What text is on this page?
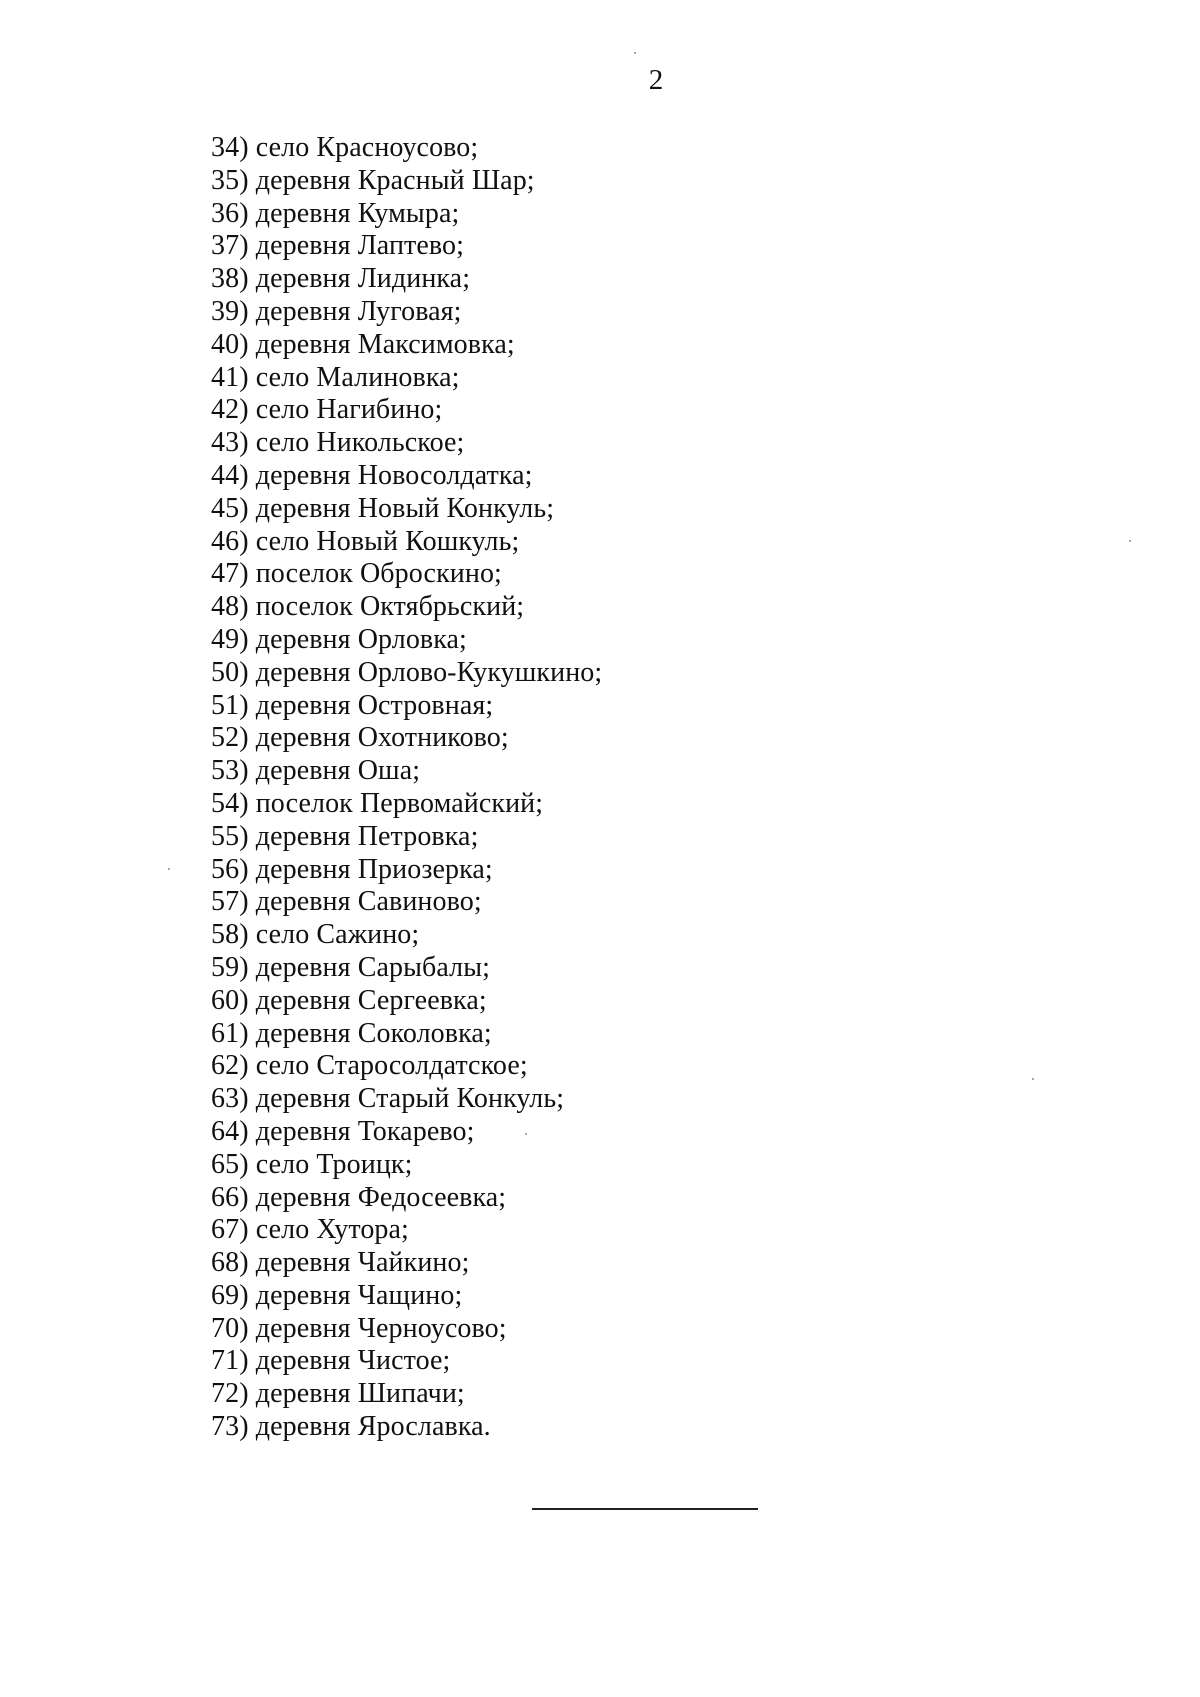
2
34) село Красноусово;
35) деревня Красный Шар;
36) деревня Кумыра;
37) деревня Лаптево;
38) деревня Лидинка;
39) деревня Луговая;
40) деревня Максимовка;
41) село Малиновка;
42) село Нагибино;
43) село Никольское;
44) деревня Новосолдатка;
45) деревня Новый Конкуль;
46) село Новый Кошкуль;
47) поселок Оброскино;
48) поселок Октябрьский;
49) деревня Орловка;
50) деревня Орлово-Кукушкино;
51) деревня Островная;
52) деревня Охотниково;
53) деревня Оша;
54) поселок Первомайский;
55) деревня Петровка;
56) деревня Приозерка;
57) деревня Савиново;
58) село Сажино;
59) деревня Сарыбалы;
60) деревня Сергеевка;
61) деревня Соколовка;
62) село Старосолдатское;
63) деревня Старый Конкуль;
64) деревня Токарево;
65) село Троицк;
66) деревня Федосеевка;
67) село Хутора;
68) деревня Чайкино;
69) деревня Чащино;
70) деревня Черноусово;
71) деревня Чистое;
72) деревня Шипачи;
73) деревня Ярославка.
